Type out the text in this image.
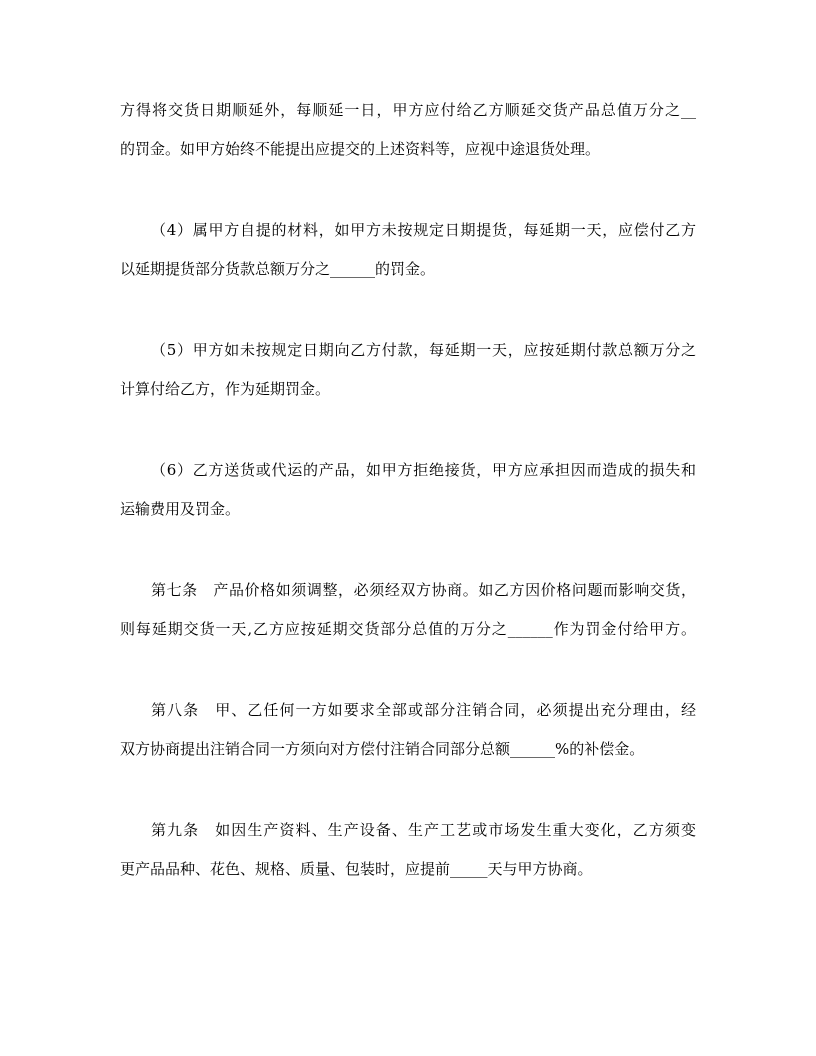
方得将交货日期顺延外，每顺延一日，甲方应付给乙方顺延交货产品总值万分之__
的罚金。如甲方始终不能提出应提交的上述资料等，应视中途退货处理。
（4）属甲方自提的材料，如甲方未按规定日期提货，每延期一天，应偿付乙方
以延期提货部分货款总额万分之______的罚金。
（5）甲方如未按规定日期向乙方付款，每延期一天，应按延期付款总额万分之
计算付给乙方，作为延期罚金。
（6）乙方送货或代运的产品，如甲方拒绝接货，甲方应承担因而造成的损失和
运输费用及罚金。
第七条　产品价格如须调整，必须经双方协商。如乙方因价格问题而影响交货，
则每延期交货一天,乙方应按延期交货部分总值的万分之______作为罚金付给甲方。
第八条　甲、乙任何一方如要求全部或部分注销合同，必须提出充分理由，经
双方协商提出注销合同一方须向对方偿付注销合同部分总额______%的补偿金。
第九条　如因生产资料、生产设备、生产工艺或市场发生重大变化，乙方须变
更产品品种、花色、规格、质量、包装时，应提前_____天与甲方协商。
